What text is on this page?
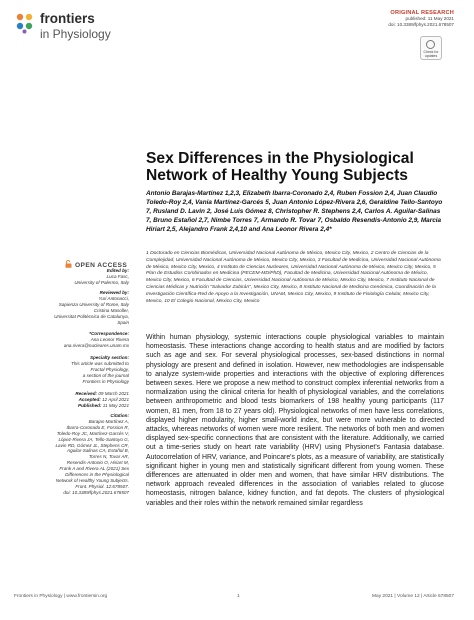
frontiers
in Physiology
ORIGINAL RESEARCH
published: 11 May 2021
doi: 10.3389/fphys.2021.678507
Check for updates
Sex Differences in the Physiological Network of Healthy Young Subjects
Antonio Barajas-Martínez 1,2,3, Elizabeth Ibarra-Coronado 2,4, Ruben Fossion 2,4, Juan Claudio Toledo-Roy 2,4, Vania Martínez-Garcés 5, Juan Antonio López-Rivera 2,6, Geraldine Tello-Santoyo 7, Rusland D. Lavin 2, José Luis Gómez 8, Christopher R. Stephens 2,4, Carlos A. Aguilar-Salinas 7, Bruno Estañol 2,7, Nimbe Torres 7, Armando R. Tovar 7, Osbaldo Resendis-Antonio 2,9, Marcia Hiriart 2,5, Alejandro Frank 2,4,10 and Ana Leonor Rivera 2,4*
1 Doctorado en Ciencias Biomédicas, Universidad Nacional Autónoma de México, Mexico City, Mexico, 2 Centro de Ciencias de la Complejidad, Universidad Nacional Autónoma de México, Mexico City, Mexico, 3 Facultad de Medicina, Universidad Nacional Autónoma de México, Mexico City, Mexico, 4 Instituto de Ciencias Nucleares, Universidad Nacional Autónoma de México, Mexico City, Mexico, 5 Plan de Estudios Combinados en Medicina (PECEM-MD/PhD), Facultad de Medicina, Universidad Nacional Autónoma de México, Mexico City, Mexico, 6 Facultad de Ciencias, Universidad Nacional Autónoma de México, Mexico City, Mexico, 7 Instituto Nacional de Ciencias Médicas y Nutrición "Salvador Zubirán", Mexico City, Mexico, 8 Instituto Nacional de Medicina Genómica, Coordinación de la Investigación Científica-Red de Apoyo a la Investigación, UNAM, Mexico City, Mexico, 9 Instituto de Fisiología Celular, Mexico City, Mexico, 10 El Colegio Nacional, Mexico City, Mexico
OPEN ACCESS
Edited by:
Luca Fasc,
University of Palermo, Italy
Reviewed by:
Yuri Antonacci,
Sapienza University of Rome, Italy
Cristina Masoller,
Universitat Politècnica de Catalunya,
Spain
*Correspondence:
Ana Leonor Rivera
ana.rivera@nucleares.unam.mx
Specialty section:
This article was submitted to
Fractal Physiology,
a section of the journal
Frontiers in Physiology
Received: 09 March 2021
Accepted: 12 April 2021
Published: 11 May 2021
Citation:
Barajas-Martínez A,
Ibarra-Coronado E, Fossion R,
Toledo-Roy JC, Martínez-Garcés V,
López-Rivera JA, Tello-Santoyo G,
Lavin RD, Gómez JL, Stephens CR,
Aguilar-Salinas CA, Estañol B,
Torres N, Tovar AR,
Resendis-Antonio O, Hiriart M,
Frank A and Rivera AL (2021) Sex
Differences in the Physiological
Network of Healthy Young Subjects.
Front. Physiol. 12:678507.
doi: 10.3389/fphys.2021.678507
Within human physiology, systemic interactions couple physiological variables to maintain homeostasis. These interactions change according to health status and are modified by factors such as age and sex. For several physiological processes, sex-based distinctions in normal physiology are present and defined in isolation. However, new methodologies are indispensable to analyze system-wide properties and interactions with the objective of exploring differences between sexes. Here we propose a new method to construct complex inferential networks from a normalization using the clinical criteria for health of physiological variables, and the correlations between anthropometric and blood tests biomarkers of 198 healthy young participants (117 women, 81 men, from 18 to 27 years old). Physiological networks of men have less correlations, displayed higher modularity, higher small-world index, but were more vulnerable to directed attacks, whereas networks of women were more resilient. The networks of both men and women displayed sex-specific connections that are consistent with the literature. Additionally, we carried out a time-series study on heart rate variability (HRV) using Physionet's Fantasia database. Autocorrelation of HRV, variance, and Poincare's plots, as a measure of variability, are statistically significant higher in young men and statistically significant different from young women. These differences are attenuated in older men and women, that have similar HRV distributions. The network approach revealed differences in the association of variables related to glucose homeostasis, nitrogen balance, kidney function, and fat depots. The clusters of physiological variables and their roles within the network remained similar regardless
Frontiers in Physiology | www.frontiersin.org	1	May 2021 | Volume 12 | Article 678507
